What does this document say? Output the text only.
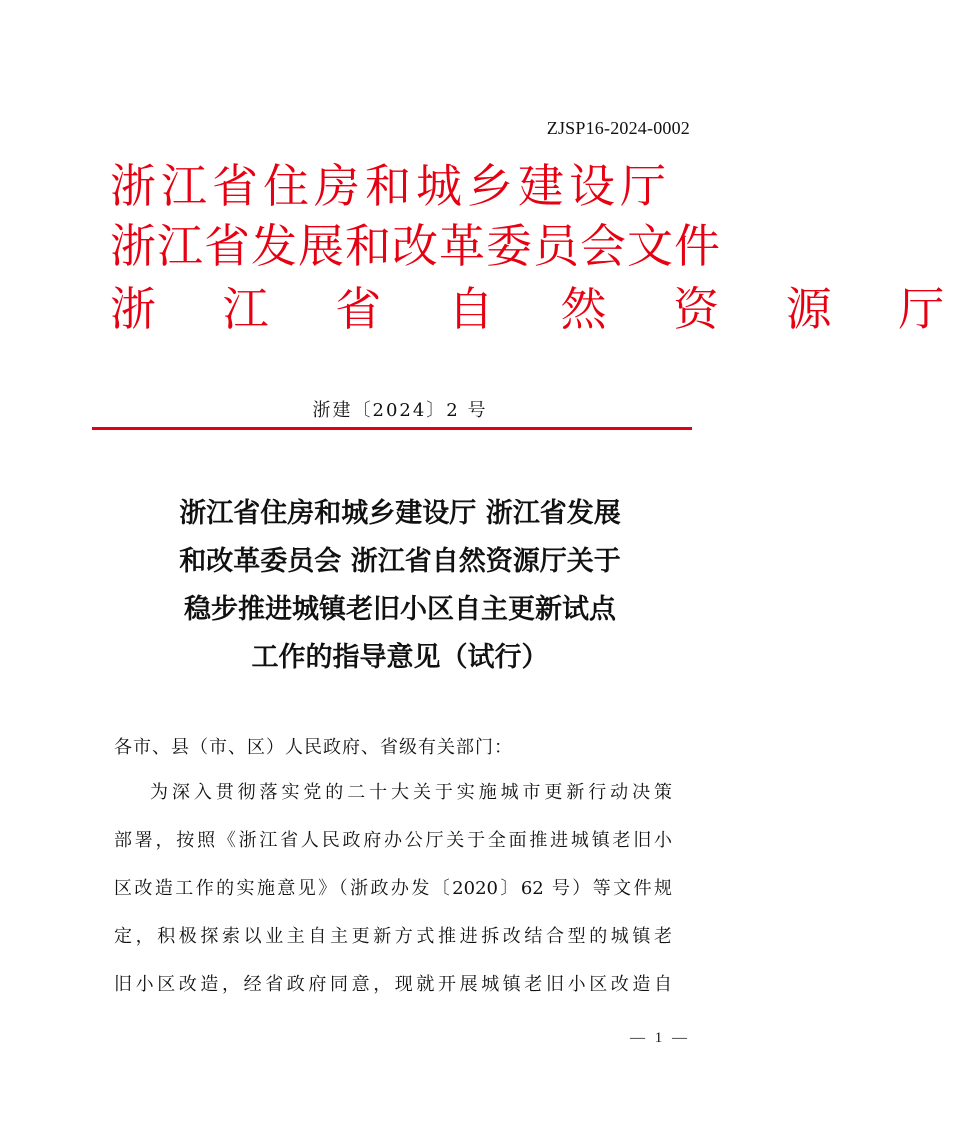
ZJSP16-2024-0002
浙江省住房和城乡建设厅
浙江省发展和改革委员会文件
浙 江 省 自 然 资 源 厅
浙建〔2024〕2 号
浙江省住房和城乡建设厅 浙江省发展
和改革委员会 浙江省自然资源厅关于
稳步推进城镇老旧小区自主更新试点
工作的指导意见（试行）
各市、县（市、区）人民政府、省级有关部门：
为深入贯彻落实党的二十大关于实施城市更新行动决策
部署，按照《浙江省人民政府办公厅关于全面推进城镇老旧小
区改造工作的实施意见》（浙政办发〔2020〕62 号）等文件规
定，积极探索以业主自主更新方式推进拆改结合型的城镇老
旧小区改造，经省政府同意，现就开展城镇老旧小区改造自
— 1 —
